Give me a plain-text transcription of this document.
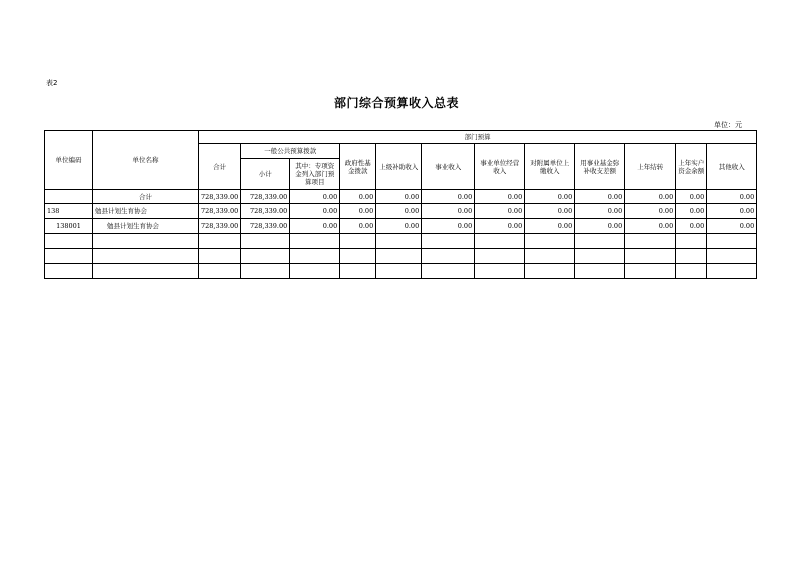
表2
部门综合预算收入总表
单位：元
单位编码	单位名称	部门预算											
		合计	一般公共预算拨款		政府性基金拨款	上级补助收入	事业收入	事业单位经营收入	对附属单位上缴收入	用事业基金弥补收支差额	上年结转	上年实户资金余额	其他收入
			小计	其中：专项资金列入部门预算项目									
	合计	728,339.00	728,339.00	0.00	0.00	0.00	0.00	0.00	0.00	0.00	0.00	0.00	0.00
138	勉县计划生育协会	728,339.00	728,339.00	0.00	0.00	0.00	0.00	0.00	0.00	0.00	0.00	0.00	0.00
138001	勉县计划生育协会	728,339.00	728,339.00	0.00	0.00	0.00	0.00	0.00	0.00	0.00	0.00	0.00	0.00
